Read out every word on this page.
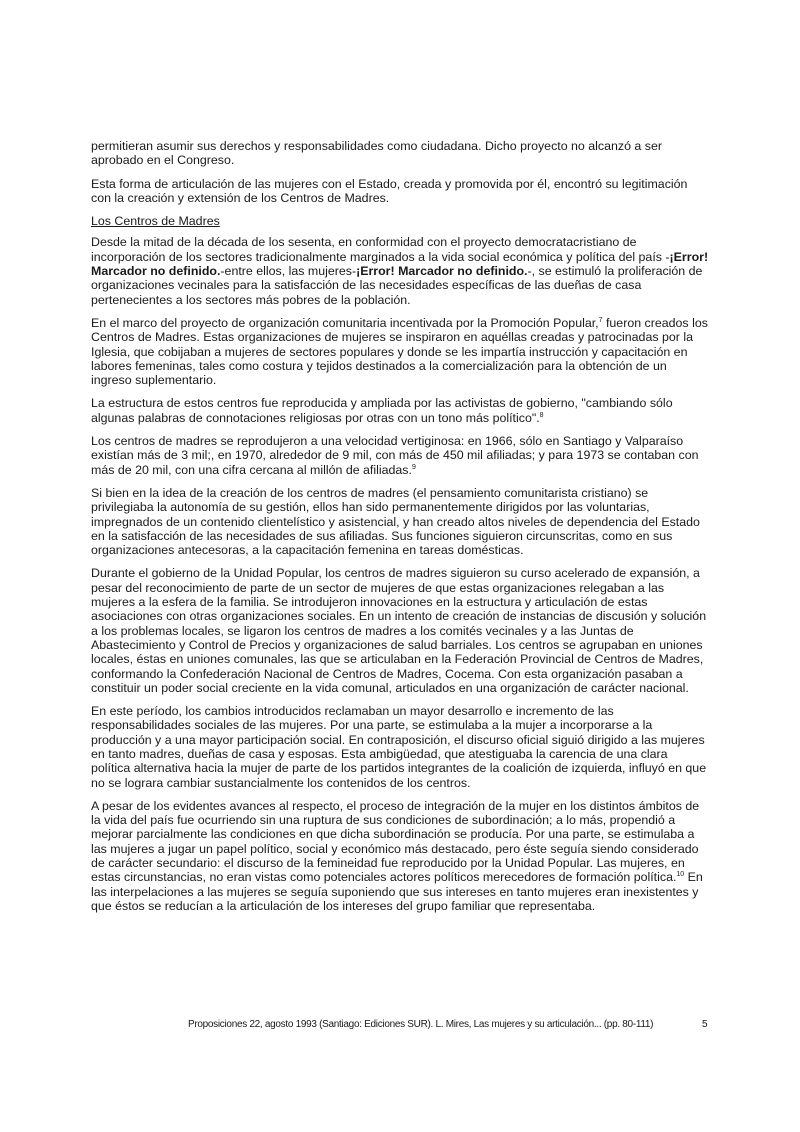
permitieran asumir sus derechos y responsabilidades como ciudadana. Dicho proyecto no alcanzó a ser aprobado en el Congreso.

Esta forma de articulación de las mujeres con el Estado, creada y promovida por él, encontró su legitimación con la creación y extensión de los Centros de Madres.

Los Centros de Madres

Desde la mitad de la década de los sesenta, en conformidad con el proyecto democratacristiano de incorporación de los sectores tradicionalmente marginados a la vida social económica y política del país -¡Error! Marcador no definido.-entre ellos, las mujeres-¡Error! Marcador no definido.-, se estimuló la proliferación de organizaciones vecinales para la satisfacción de las necesidades específicas de las dueñas de casa pertenecientes a los sectores más pobres de la población.

En el marco del proyecto de organización comunitaria incentivada por la Promoción Popular,$^7$ fueron creados los Centros de Madres. Estas organizaciones de mujeres se inspiraron en aquéllas creadas y patrocinadas por la Iglesia, que cobijaban a mujeres de sectores populares y donde se les impartía instrucción y capacitación en labores femeninas, tales como costura y tejidos destinados a la comercialización para la obtención de un ingreso suplementario.

La estructura de estos centros fue reproducida y ampliada por las activistas de gobierno, "cambiando sólo algunas palabras de connotaciones religiosas por otras con un tono más político".$^8$

Los centros de madres se reprodujeron a una velocidad vertiginosa: en 1966, sólo en Santiago y Valparaíso existían más de 3 mil;, en 1970, alrededor de 9 mil, con más de 450 mil afiliadas; y para 1973 se contaban con más de 20 mil, con una cifra cercana al millón de afiliadas.$^9$

Si bien en la idea de la creación de los centros de madres (el pensamiento comunitarista cristiano) se privilegiaba la autonomía de su gestión, ellos han sido permanentemente dirigidos por las voluntarias, impregnados de un contenido clientelístico y asistencial, y han creado altos niveles de dependencia del Estado en la satisfacción de las necesidades de sus afiliadas. Sus funciones siguieron circunscritas, como en sus organizaciones antecesoras, a la capacitación femenina en tareas domésticas.

Durante el gobierno de la Unidad Popular, los centros de madres siguieron su curso acelerado de expansión, a pesar del reconocimiento de parte de un sector de mujeres de que estas organizaciones relegaban a las mujeres a la esfera de la familia. Se introdujeron innovaciones en la estructura y articulación de estas asociaciones con otras organizaciones sociales. En un intento de creación de instancias de discusión y solución a los problemas locales, se ligaron los centros de madres a los comités vecinales y a las Juntas de Abastecimiento y Control de Precios y organizaciones de salud barriales. Los centros se agrupaban en uniones locales, éstas en uniones comunales, las que se articulaban en la Federación Provincial de Centros de Madres, conformando la Confederación Nacional de Centros de Madres, Cocema. Con esta organización pasaban a constituir un poder social creciente en la vida comunal, articulados en una organización de carácter nacional.

En este período, los cambios introducidos reclamaban un mayor desarrollo e incremento de las responsabilidades sociales de las mujeres. Por una parte, se estimulaba a la mujer a incorporarse a la producción y a una mayor participación social. En contraposición, el discurso oficial siguió dirigido a las mujeres en tanto madres, dueñas de casa y esposas. Esta ambigüedad, que atestiguaba la carencia de una clara política alternativa hacia la mujer de parte de los partidos integrantes de la coalición de izquierda, influyó en que no se lograra cambiar sustancialmente los contenidos de los centros.

A pesar de los evidentes avances al respecto, el proceso de integración de la mujer en los distintos ámbitos de la vida del país fue ocurriendo sin una ruptura de sus condiciones de subordinación; a lo más, propendió a mejorar parcialmente las condiciones en que dicha subordinación se producía. Por una parte, se estimulaba a las mujeres a jugar un papel político, social y económico más destacado, pero éste seguía siendo considerado de carácter secundario: el discurso de la femineidad fue reproducido por la Unidad Popular. Las mujeres, en estas circunstancias, no eran vistas como potenciales actores políticos merecedores de formación política.$^{10}$ En las interpelaciones a las mujeres se seguía suponiendo que sus intereses en tanto mujeres eran inexistentes y que éstos se reducían a la articulación de los intereses del grupo familiar que representaba.

Proposiciones 22, agosto 1993 (Santiago: Ediciones SUR). L. Mires, Las mujeres y su articulación... (pp. 80-111)	5
